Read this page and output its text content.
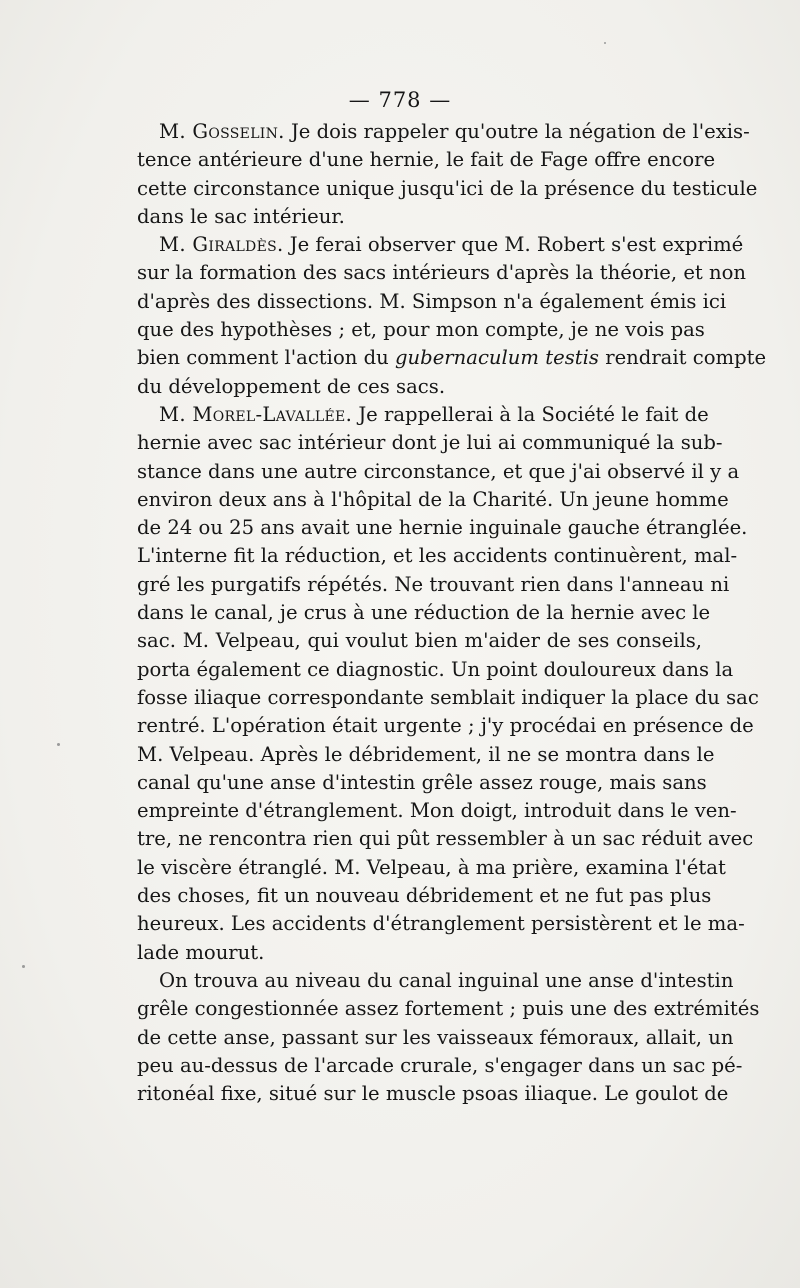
— 778 —
M. Gosselin. Je dois rappeler qu'outre la négation de l'exis-
tence antérieure d'une hernie, le fait de Fage offre encore
cette circonstance unique jusqu'ici de la présence du testicule
dans le sac intérieur.
M. Giraldès. Je ferai observer que M. Robert s'est exprimé
sur la formation des sacs intérieurs d'après la théorie, et non
d'après des dissections. M. Simpson n'a également émis ici
que des hypothèses ; et, pour mon compte, je ne vois pas
bien comment l'action du gubernaculum testis rendrait compte
du développement de ces sacs.
M. Morel-Lavallée. Je rappellerai à la Société le fait de
hernie avec sac intérieur dont je lui ai communiqué la sub-
stance dans une autre circonstance, et que j'ai observé il y a
environ deux ans à l'hôpital de la Charité. Un jeune homme
de 24 ou 25 ans avait une hernie inguinale gauche étranglée.
L'interne fit la réduction, et les accidents continuèrent, mal-
gré les purgatifs répétés. Ne trouvant rien dans l'anneau ni
dans le canal, je crus à une réduction de la hernie avec le
sac. M. Velpeau, qui voulut bien m'aider de ses conseils,
porta également ce diagnostic. Un point douloureux dans la
fosse iliaque correspondante semblait indiquer la place du sac
rentré. L'opération était urgente ; j'y procédai en présence de
M. Velpeau. Après le débridement, il ne se montra dans le
canal qu'une anse d'intestin grêle assez rouge, mais sans
empreinte d'étranglement. Mon doigt, introduit dans le ven-
tre, ne rencontra rien qui pût ressembler à un sac réduit avec
le viscère étranglé. M. Velpeau, à ma prière, examina l'état
des choses, fit un nouveau débridement et ne fut pas plus
heureux. Les accidents d'étranglement persistèrent et le ma-
lade mourut.
On trouva au niveau du canal inguinal une anse d'intestin
grêle congestionnée assez fortement ; puis une des extrémités
de cette anse, passant sur les vaisseaux fémoraux, allait, un
peu au-dessus de l'arcade crurale, s'engager dans un sac pé-
ritonéal fixe, situé sur le muscle psoas iliaque. Le goulot de
